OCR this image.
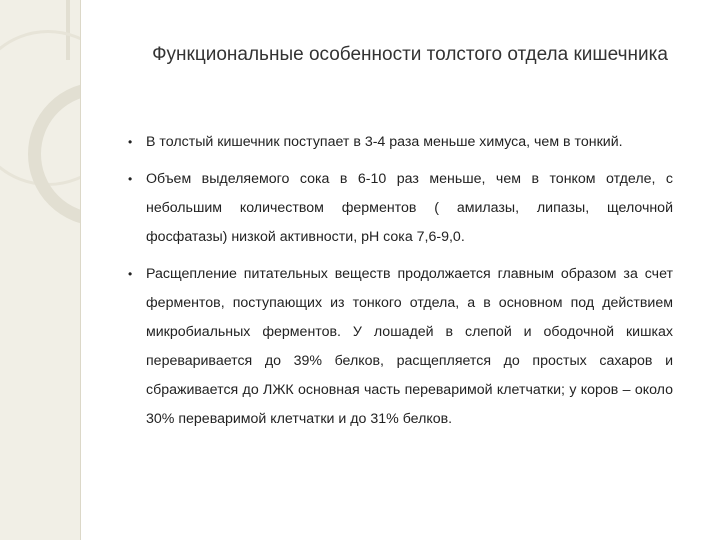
Функциональные особенности толстого отдела кишечника
• В толстый кишечник поступает в 3-4 раза меньше химуса, чем в тонкий.
• Объем выделяемого сока в 6-10 раз меньше, чем в тонком отделе, с небольшим количеством ферментов ( амилазы, липазы, щелочной фосфатазы) низкой активности, рН сока 7,6-9,0.
• Расщепление питательных веществ продолжается главным образом за счет ферментов, поступающих из тонкого отдела, а в основном под действием микробиальных ферментов. У лошадей в слепой и ободочной кишках переваривается до 39% белков, расщепляется до простых сахаров и сбраживается до ЛЖК основная часть переваримой клетчатки; у коров – около 30% переваримой клетчатки и до 31% белков.
